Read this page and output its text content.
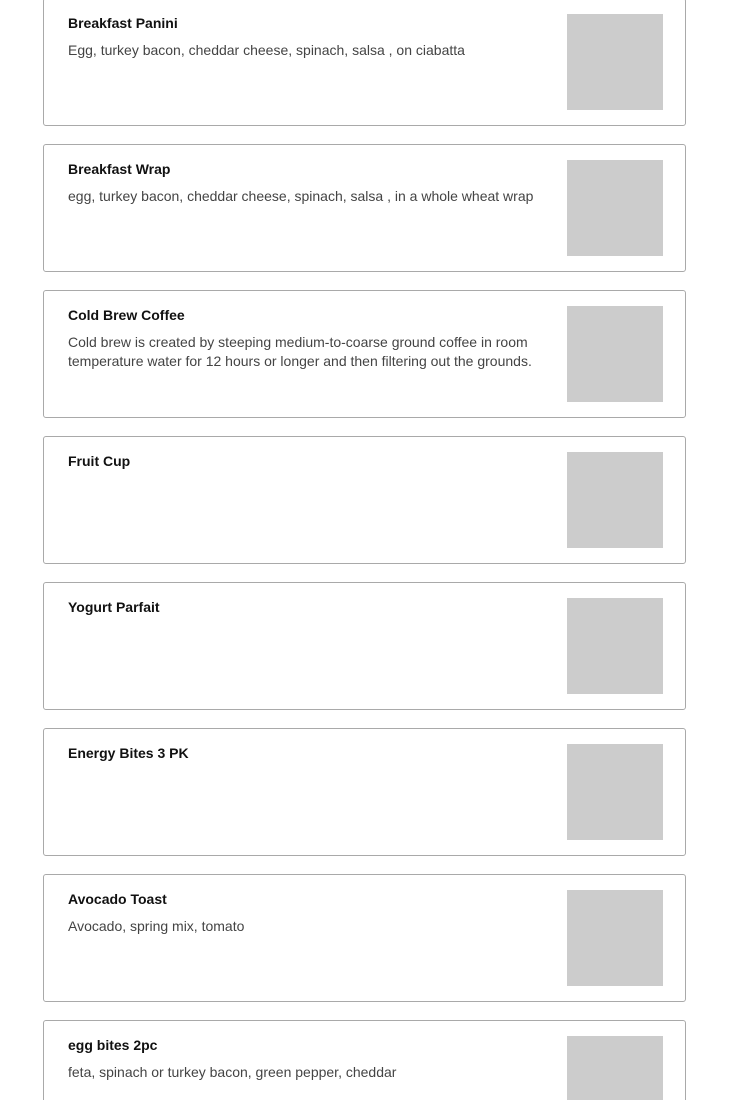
Breakfast Panini
Egg, turkey bacon, cheddar cheese, spinach, salsa , on ciabatta
Breakfast Wrap
egg, turkey bacon, cheddar cheese, spinach, salsa , in a whole wheat wrap
Cold Brew Coffee
Cold brew is created by steeping medium-to-coarse ground coffee in room temperature water for 12 hours or longer and then filtering out the grounds.
Fruit Cup
Yogurt Parfait
Energy Bites 3 PK
Avocado Toast
Avocado, spring mix, tomato
egg bites 2pc
feta, spinach or turkey bacon, green pepper, cheddar
